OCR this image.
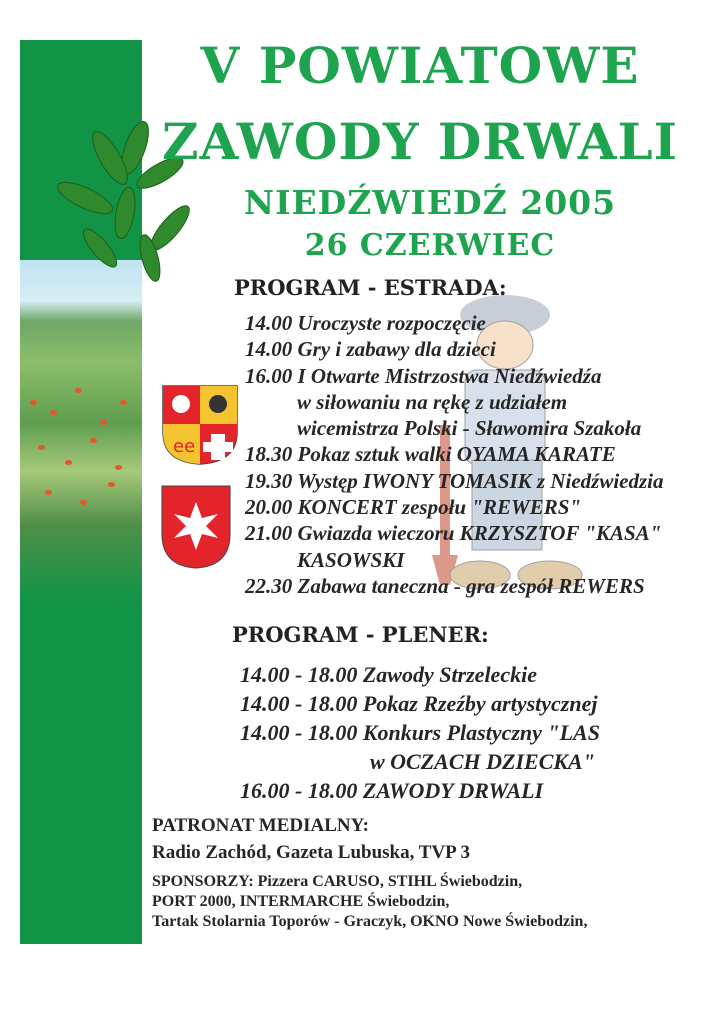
V POWIATOWE
ZAWODY DRWALI
NIEDŹWIEDŹ 2005
26 CZERWIEC
ee
PROGRAM - ESTRADA:
14.00 Uroczyste rozpoczęcie
14.00 Gry i zabawy dla dzieci
16.00 I Otwarte Mistrzostwa Niedźwiedźa
w siłowaniu na rękę z udziałem
wicemistrza Polski - Sławomira Szakoła
18.30 Pokaz sztuk walki OYAMA KARATE
19.30 Występ IWONY TOMASIK z Niedźwiedzia
20.00 KONCERT zespołu "REWERS"
21.00 Gwiazda wieczoru KRZYSZTOF "KASA"
KASOWSKI
22.30 Zabawa taneczna - gra zespół REWERS
PROGRAM - PLENER:
14.00 - 18.00 Zawody Strzeleckie
14.00 - 18.00 Pokaz Rzeźby artystycznej
14.00 - 18.00 Konkurs Plastyczny "LAS
w OCZACH DZIECKA"
16.00 - 18.00 ZAWODY DRWALI
PATRONAT MEDIALNY:
Radio Zachód, Gazeta Lubuska, TVP 3
SPONSORZY: Pizzera CARUSO, STIHL Świebodzin,
PORT 2000, INTERMARCHE Świebodzin,
Tartak Stolarnia Toporów - Graczyk, OKNO Nowe Świebodzin,
